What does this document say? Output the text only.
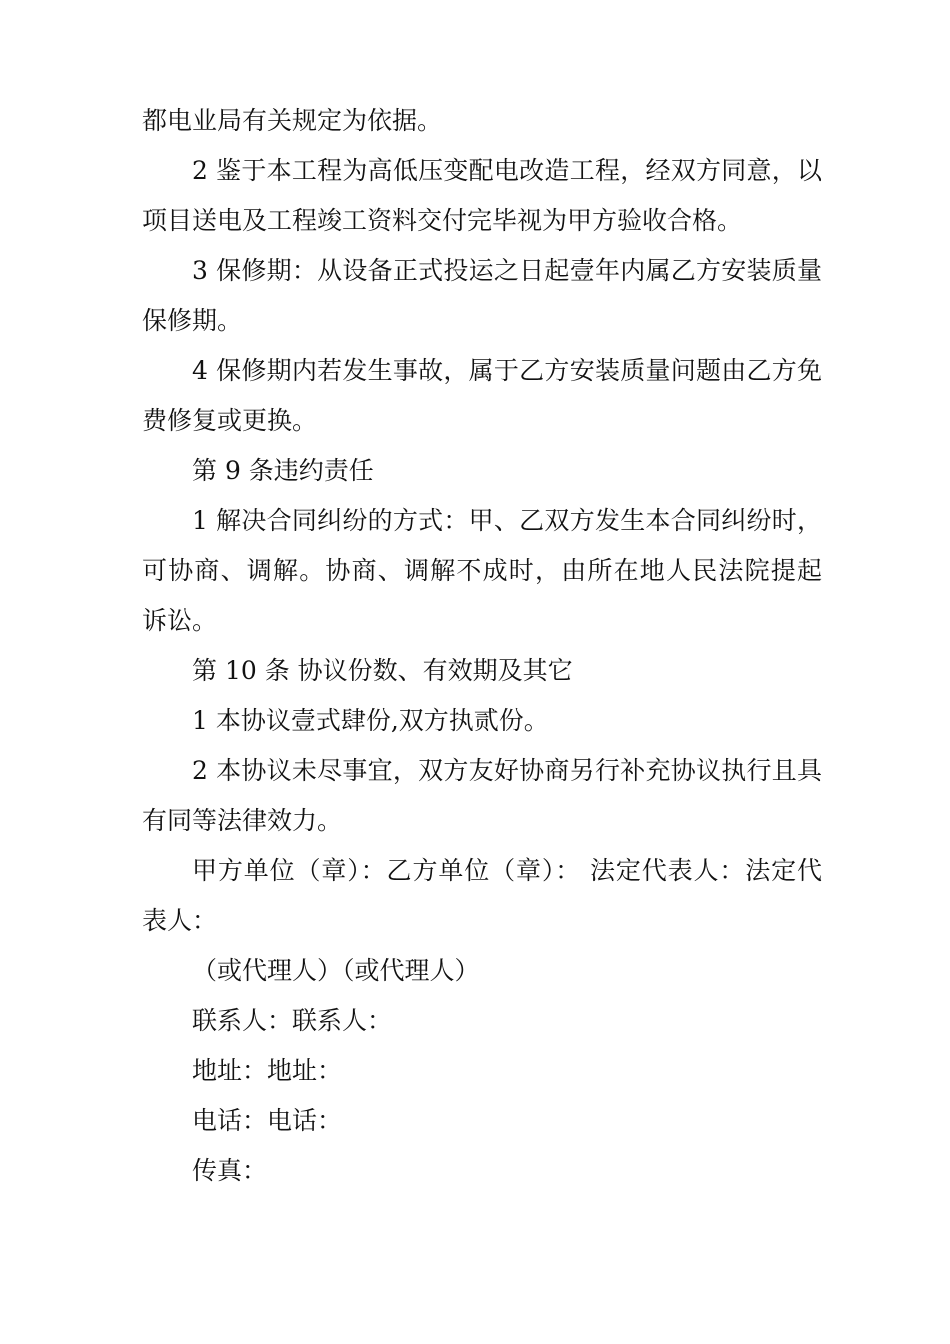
都电业局有关规定为依据。

2 鉴于本工程为高低压变配电改造工程，经双方同意，以项目送电及工程竣工资料交付完毕视为甲方验收合格。

3 保修期：从设备正式投运之日起壹年内属乙方安装质量保修期。

4 保修期内若发生事故，属于乙方安装质量问题由乙方免费修复或更换。

第 9 条违约责任

1 解决合同纠纷的方式：甲、乙双方发生本合同纠纷时， 可协商、调解。协商、调解不成时，由所在地人民法院提起 诉讼。

第 10 条 协议份数、有效期及其它

1 本协议壹式肆份,双方执贰份。

2 本协议未尽事宜，双方友好协商另行补充协议执行且具有同等法律效力。

甲方单位（章）：乙方单位（章）： 法定代表人：法定代表人：

（或代理人）（或代理人）

联系人：联系人：

地址：地址：

电话：电话：

传真：
